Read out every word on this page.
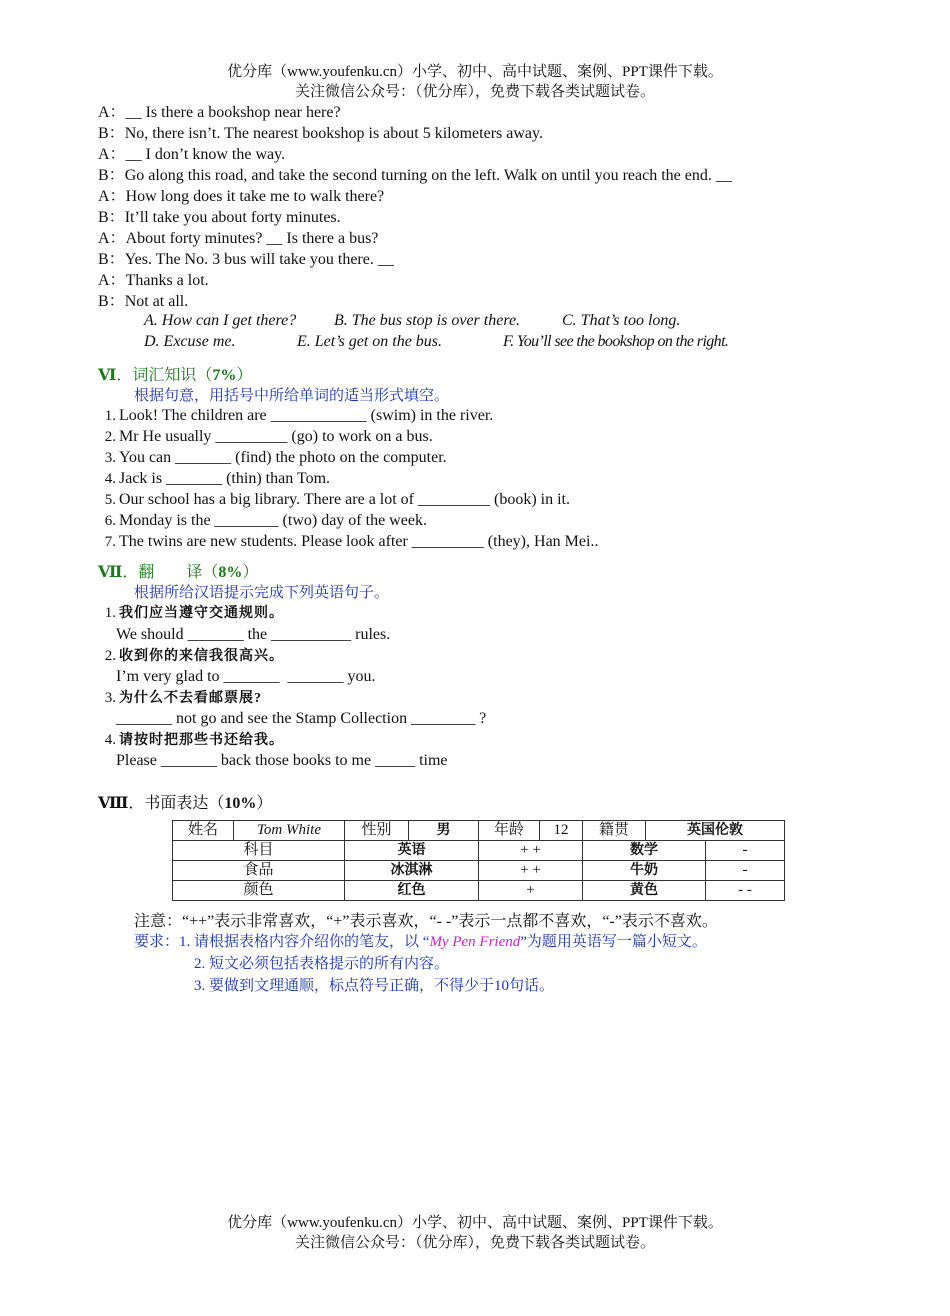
优分库（www.youfenku.cn）小学、初中、高中试题、案例、PPT课件下载。
关注微信公众号：（优分库），免费下载各类试题试卷。
A：__ Is there a bookshop near here?
B：No, there isn’t. The nearest bookshop is about 5 kilometers away.
A：__ I don’t know the way.
B：Go along this road, and take the second turning on the left. Walk on until you reach the end. __
A：How long does it take me to walk there?
B：It’ll take you about forty minutes.
A：About forty minutes? __ Is there a bus?
B：Yes. The No. 3 bus will take you there. __
A：Thanks a lot.
B：Not at all.
A. How can I get there? B. The bus stop is over there.	C. That’s too long.
D. Excuse me.	E. Let’s get on the bus.	F. You’ll see the bookshop on the right.
Ⅵ．词汇知识（7%）
根据句意，用括号中所给单词的适当形式填空。
1. Look! The children are ____________ (swim) in the river.
2. Mr He usually _________ (go) to work on a bus.
3. You can _______ (find) the photo on the computer.
4. Jack is _______ (thin) than Tom.
5. Our school has a big library. There are a lot of _________ (book) in it.
6. Monday is the ________ (two) day of the week.
7. The twins are new students. Please look after _________ (they), Han Mei..
Ⅶ．翻　　译（8%）
根据所给汉语提示完成下列英语句子。
1. 我们应当遵守交通规则。
We should _______ the __________ rules.
2. 收到你的来信我很高兴。
I’m very glad to _______  _______ you.
3. 为什么不去看邮票展?
_______ not go and see the Stamp Collection ________ ?
4. 请按时把那些书还给我。
Please _______ back those books to me _____ time
Ⅷ．书面表达（10%）
姓名	Tom White	性别	男	年龄	12	籍贯	英国伦敦
科目		英语		+ +		数学 -	

食品		冰淇淋		+ +		牛奶 -	

颜色		红色		+		黄色 - -	
注意：“++”表示非常喜欢，“+”表示喜欢，“- -”表示一点都不喜欢，“-”表示不喜欢。
要求：1. 请根据表格内容介绍你的笔友，以 “My Pen Friend”为题用英语写一篇小短文。
2. 短文必须包括表格提示的所有内容。
3. 要做到文理通顺，标点符号正确，不得少于10句话。
优分库（www.youfenku.cn）小学、初中、高中试题、案例、PPT课件下载。
关注微信公众号：（优分库），免费下载各类试题试卷。
